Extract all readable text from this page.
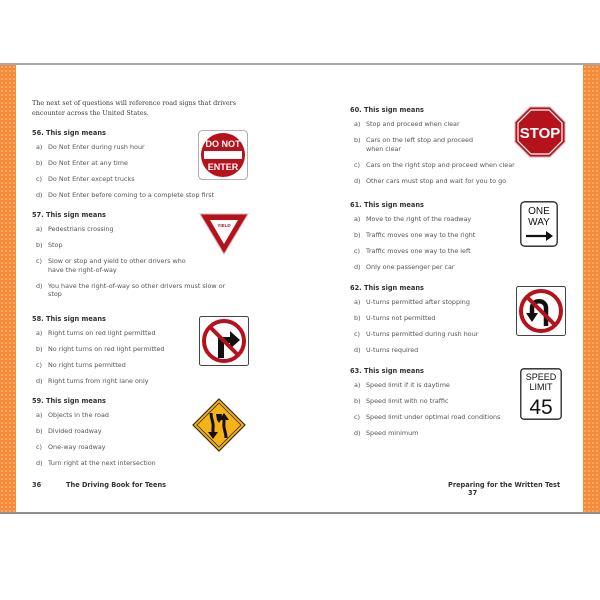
The next set of questions will reference road signs that drivers encounter across the United States.

56. This sign means
a) Do Not Enter during rush hour
b) Do Not Enter at any time
c) Do Not Enter except trucks
d) Do Not Enter before coming to a complete stop first
DO NOT
ENTER
57. This sign means
a) Pedestrians crossing
b) Stop
c) Slow or stop and yield to other drivers who have the right-of-way
d) You have the right-of-way so other drivers must slow or stop
YIELD
58. This sign means
a) Right turns on red light permitted
b) No right turns on red light permitted
c) No right turns permitted
d) Right turns from right lane only
59. This sign means
a) Objects in the road
b) Divided roadway
c) One-way roadway
d) Turn right at the next intersection
36	The Driving Book for Teens
60. This sign means
a) Stop and proceed when clear
b) Cars on the left stop and proceed when clear
c) Cars on the right stop and proceed when clear
d) Other cars must stop and wait for you to go
STOP
61. This sign means
a) Move to the right of the roadway
b) Traffic moves one way to the right
c) Traffic moves one way to the left
d) Only one passenger per car
ONE
WAY
62. This sign means
a) U-turns permitted after stopping
b) U-turns not permitted
c) U-turns permitted during rush hour
d) U-turns required
63. This sign means
a) Speed limit if it is daytime
b) Speed limit with no traffic
c) Speed limit under optimal road conditions
d) Speed minimum
SPEED
LIMIT
45
Preparing for the Written Test37
